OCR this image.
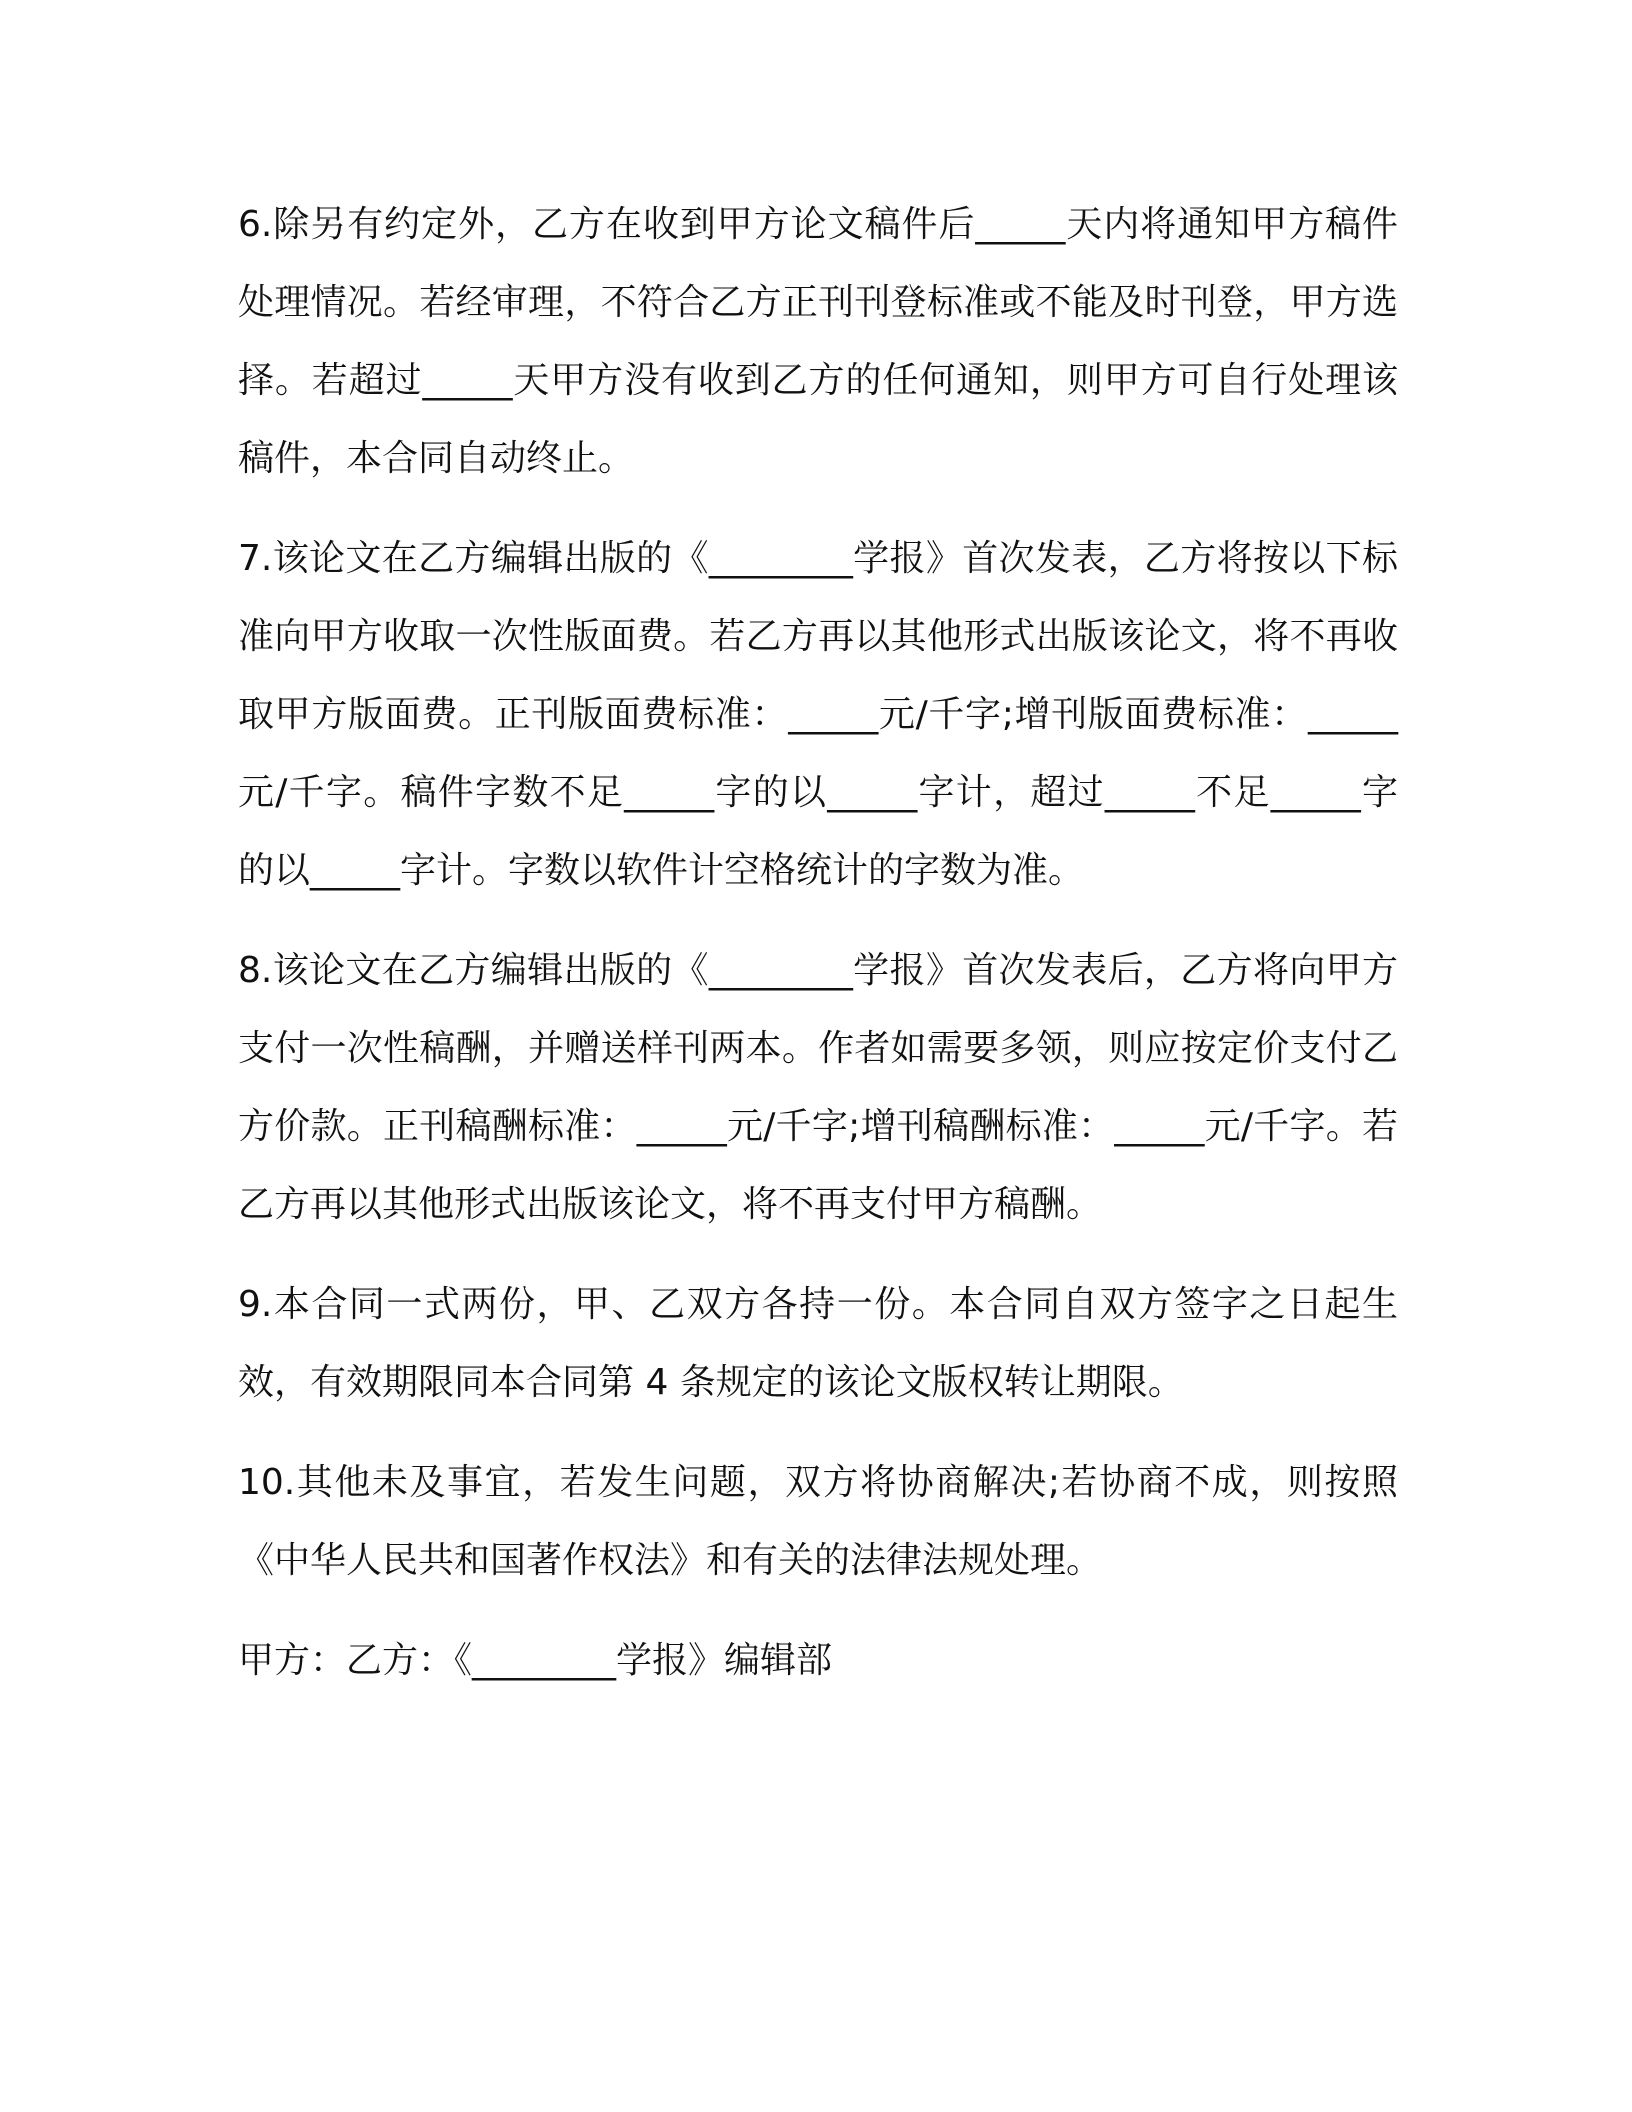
6.除另有约定外，乙方在收到甲方论文稿件后_____天内将通知甲方稿件处理情况。若经审理，不符合乙方正刊刊登标准或不能及时刊登，甲方选择。若超过_____天甲方没有收到乙方的任何通知，则甲方可自行处理该稿件，本合同自动终止。

7.该论文在乙方编辑出版的《________学报》首次发表，乙方将按以下标准向甲方收取一次性版面费。若乙方再以其他形式出版该论文，将不再收取甲方版面费。正刊版面费标准：_____元/千字;增刊版面费标准：_____元/千字。稿件字数不足_____字的以_____字计，超过_____不足_____字的以_____字计。字数以软件计空格统计的字数为准。

8.该论文在乙方编辑出版的《________学报》首次发表后，乙方将向甲方支付一次性稿酬，并赠送样刊两本。作者如需要多领，则应按定价支付乙方价款。正刊稿酬标准：_____元/千字;增刊稿酬标准：_____元/千字。若乙方再以其他形式出版该论文，将不再支付甲方稿酬。

9.本合同一式两份，甲、乙双方各持一份。本合同自双方签字之日起生效，有效期限同本合同第 4 条规定的该论文版权转让期限。

10.其他未及事宜，若发生问题，双方将协商解决;若协商不成，则按照《中华人民共和国著作权法》和有关的法律法规处理。

甲方：乙方：《________学报》编辑部
